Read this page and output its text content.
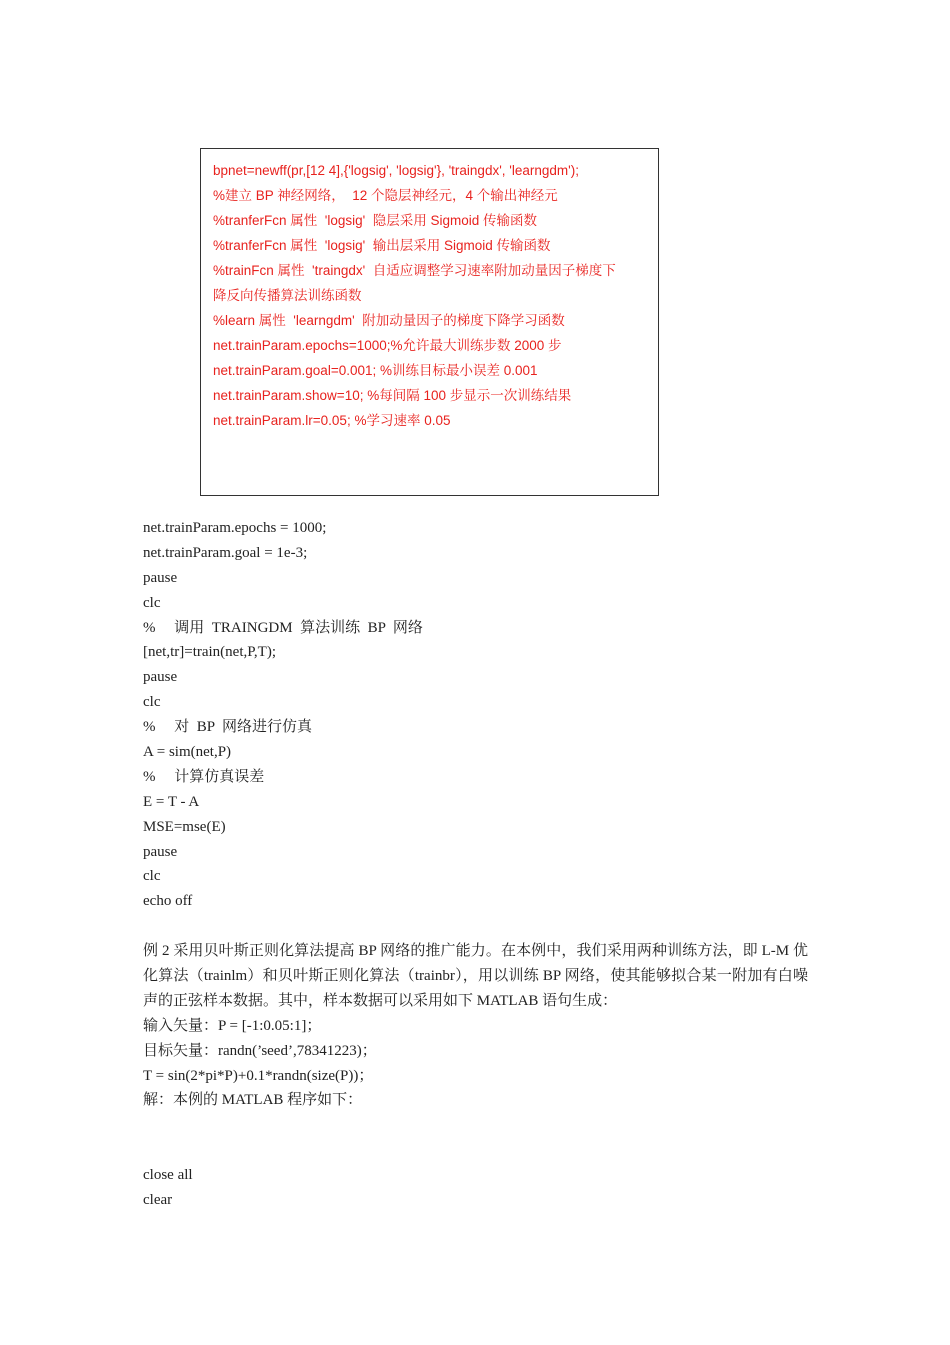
bpnet=newff(pr,[12 4],{'logsig', 'logsig'}, 'traingdx', 'learngdm');
%建立 BP 神经网络，  12 个隐层神经元，4 个输出神经元
%tranferFcn 属性  'logsig'  隐层采用 Sigmoid 传输函数
%tranferFcn 属性  'logsig'  输出层采用 Sigmoid 传输函数
%trainFcn 属性  'traingdx'  自适应调整学习速率附加动量因子梯度下
降反向传播算法训练函数
%learn 属性  'learngdm'  附加动量因子的梯度下降学习函数
net.trainParam.epochs=1000;%允许最大训练步数 2000 步
net.trainParam.goal=0.001; %训练目标最小误差 0.001
net.trainParam.show=10; %每间隔 100 步显示一次训练结果
net.trainParam.lr=0.05; %学习速率 0.05
net.trainParam.epochs = 1000;
net.trainParam.goal = 1e-3;
pause
clc
%     调用  TRAINGDM  算法训练  BP  网络
[net,tr]=train(net,P,T);
pause
clc
%     对  BP  网络进行仿真
A = sim(net,P)
%     计算仿真误差
E = T - A
MSE=mse(E)
pause
clc
echo off
例 2 采用贝叶斯正则化算法提高 BP 网络的推广能力。在本例中，我们采用两种训练方法，即 L-M 优化算法（trainlm）和贝叶斯正则化算法（trainbr），用以训练 BP 网络，使其能够拟合某一附加有白噪声的正弦样本数据。其中，样本数据可以采用如下 MATLAB 语句生成：
输入矢量：P = [-1:0.05:1]；
目标矢量：randn(’seed’,78341223)；
T = sin(2*pi*P)+0.1*randn(size(P))；
解：本例的 MATLAB 程序如下：
close all
clear
